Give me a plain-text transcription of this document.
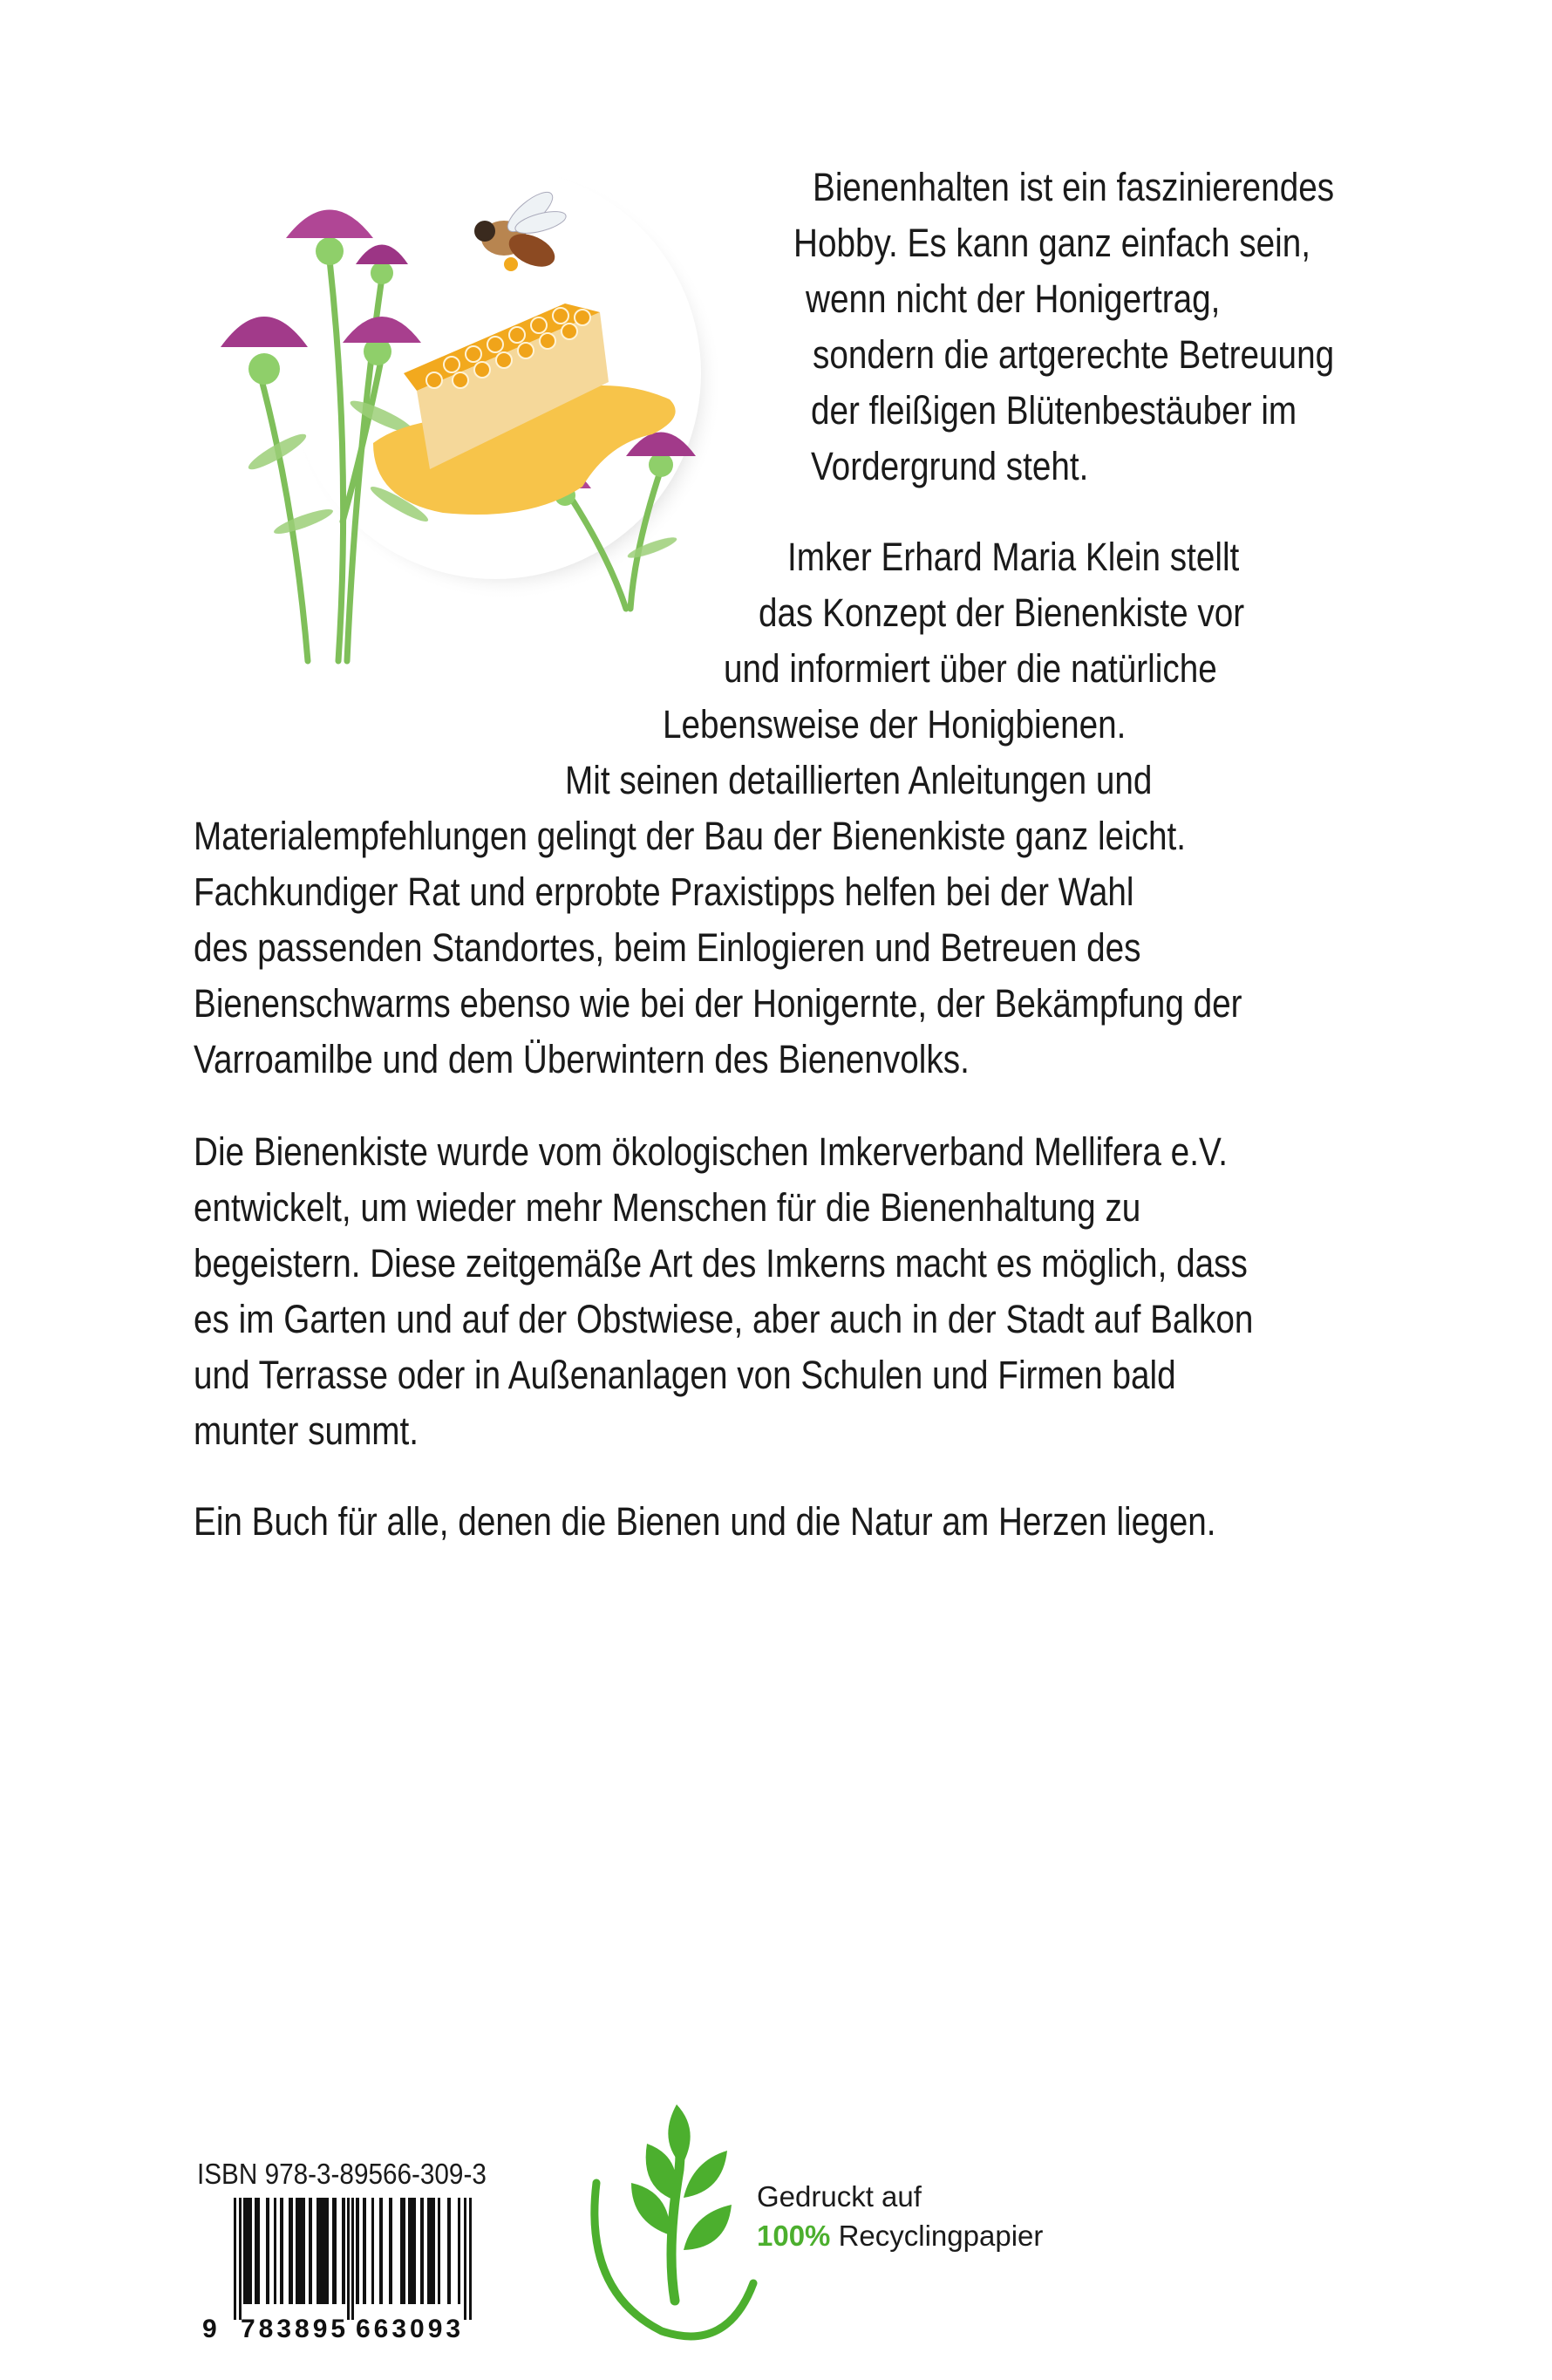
Bienenhalten ist ein faszinierendes
Hobby. Es kann ganz einfach sein,
wenn nicht der Honigertrag,
sondern die artgerechte Betreuung
der fleißigen Blütenbestäuber im
Vordergrund steht.
Imker Erhard Maria Klein stellt
das Konzept der Bienenkiste vor
und informiert über die natürliche
Lebensweise der Honigbienen.
Mit seinen detaillierten Anleitungen und
Materialempfehlungen gelingt der Bau der Bienenkiste ganz leicht.
Fachkundiger Rat und erprobte Praxistipps helfen bei der Wahl
des passenden Standortes, beim Einlogieren und Betreuen des
Bienenschwarms ebenso wie bei der Honigernte, der Bekämpfung der
Varroamilbe und dem Überwintern des Bienenvolks.
Die Bienenkiste wurde vom ökologischen Imkerverband Mellifera e.V.
entwickelt, um wieder mehr Menschen für die Bienenhaltung zu
begeistern. Diese zeitgemäße Art des Imkerns macht es möglich, dass
es im Garten und auf der Obstwiese, aber auch in der Stadt auf Balkon
und Terrasse oder in Außenanlagen von Schulen und Firmen bald
munter summt.
Ein Buch für alle, denen die Bienen und die Natur am Herzen liegen.
ISBN 978-3-89566-309-3
9 783895 663093
Gedruckt auf
100% Recyclingpapier
